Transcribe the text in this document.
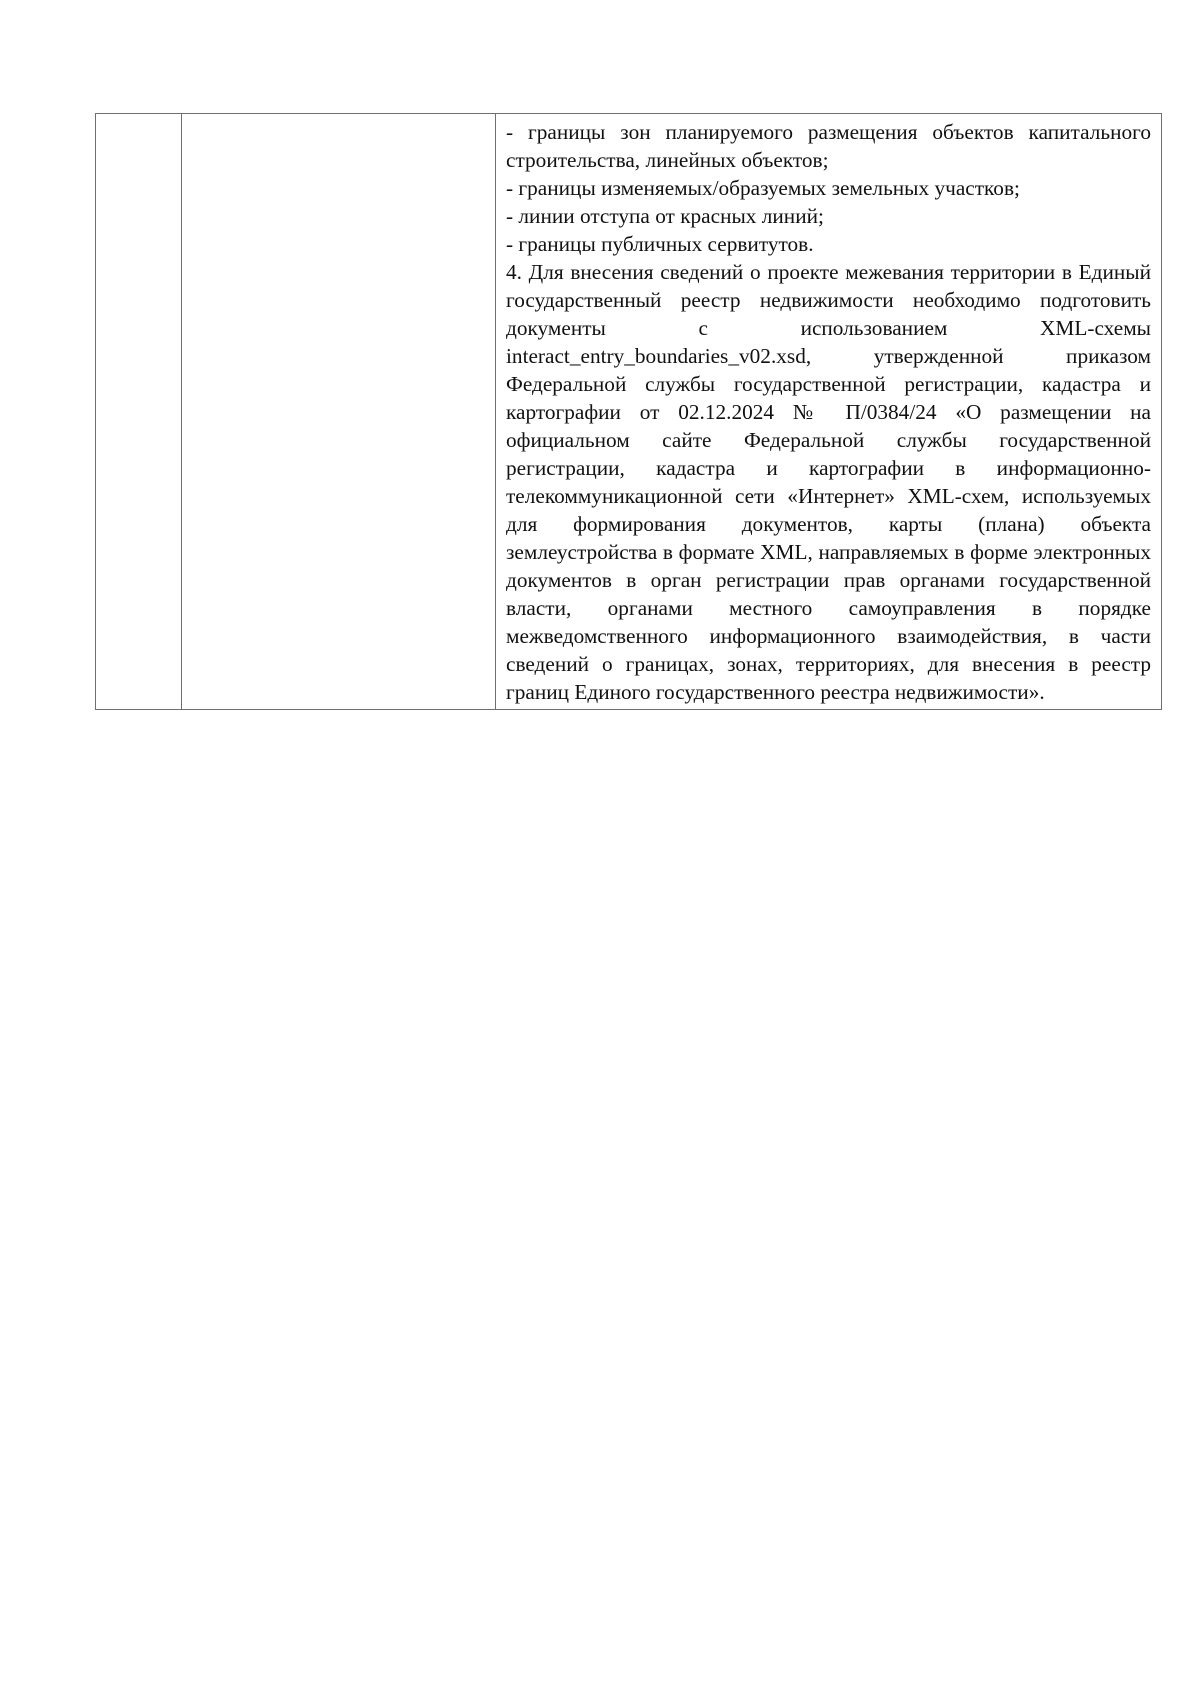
- границы зон планируемого размещения объектов капитального строительства, линейных объектов;

- границы изменяемых/образуемых земельных участков;

- линии отступа от красных линий;

- границы публичных сервитутов.

4. Для внесения сведений о проекте межевания территории в Единый государственный реестр недвижимости необходимо подготовить документы с использованием XML-схемы interact_entry_boundaries_v02.xsd, утвержденной приказом Федеральной службы государственной регистрации, кадастра и картографии от 02.12.2024 № П/0384/24 «О размещении на официальном сайте Федеральной службы государственной регистрации, кадастра и картографии в информационно-телекоммуникационной сети «Интернет» XML-схем, используемых для формирования документов, карты (плана) объекта землеустройства в формате XML, направляемых в форме электронных документов в орган регистрации прав органами государственной власти, органами местного самоуправления в порядке межведомственного информационного взаимодействия, в части сведений о границах, зонах, территориях, для внесения в реестр границ Единого государственного реестра недвижимости».
